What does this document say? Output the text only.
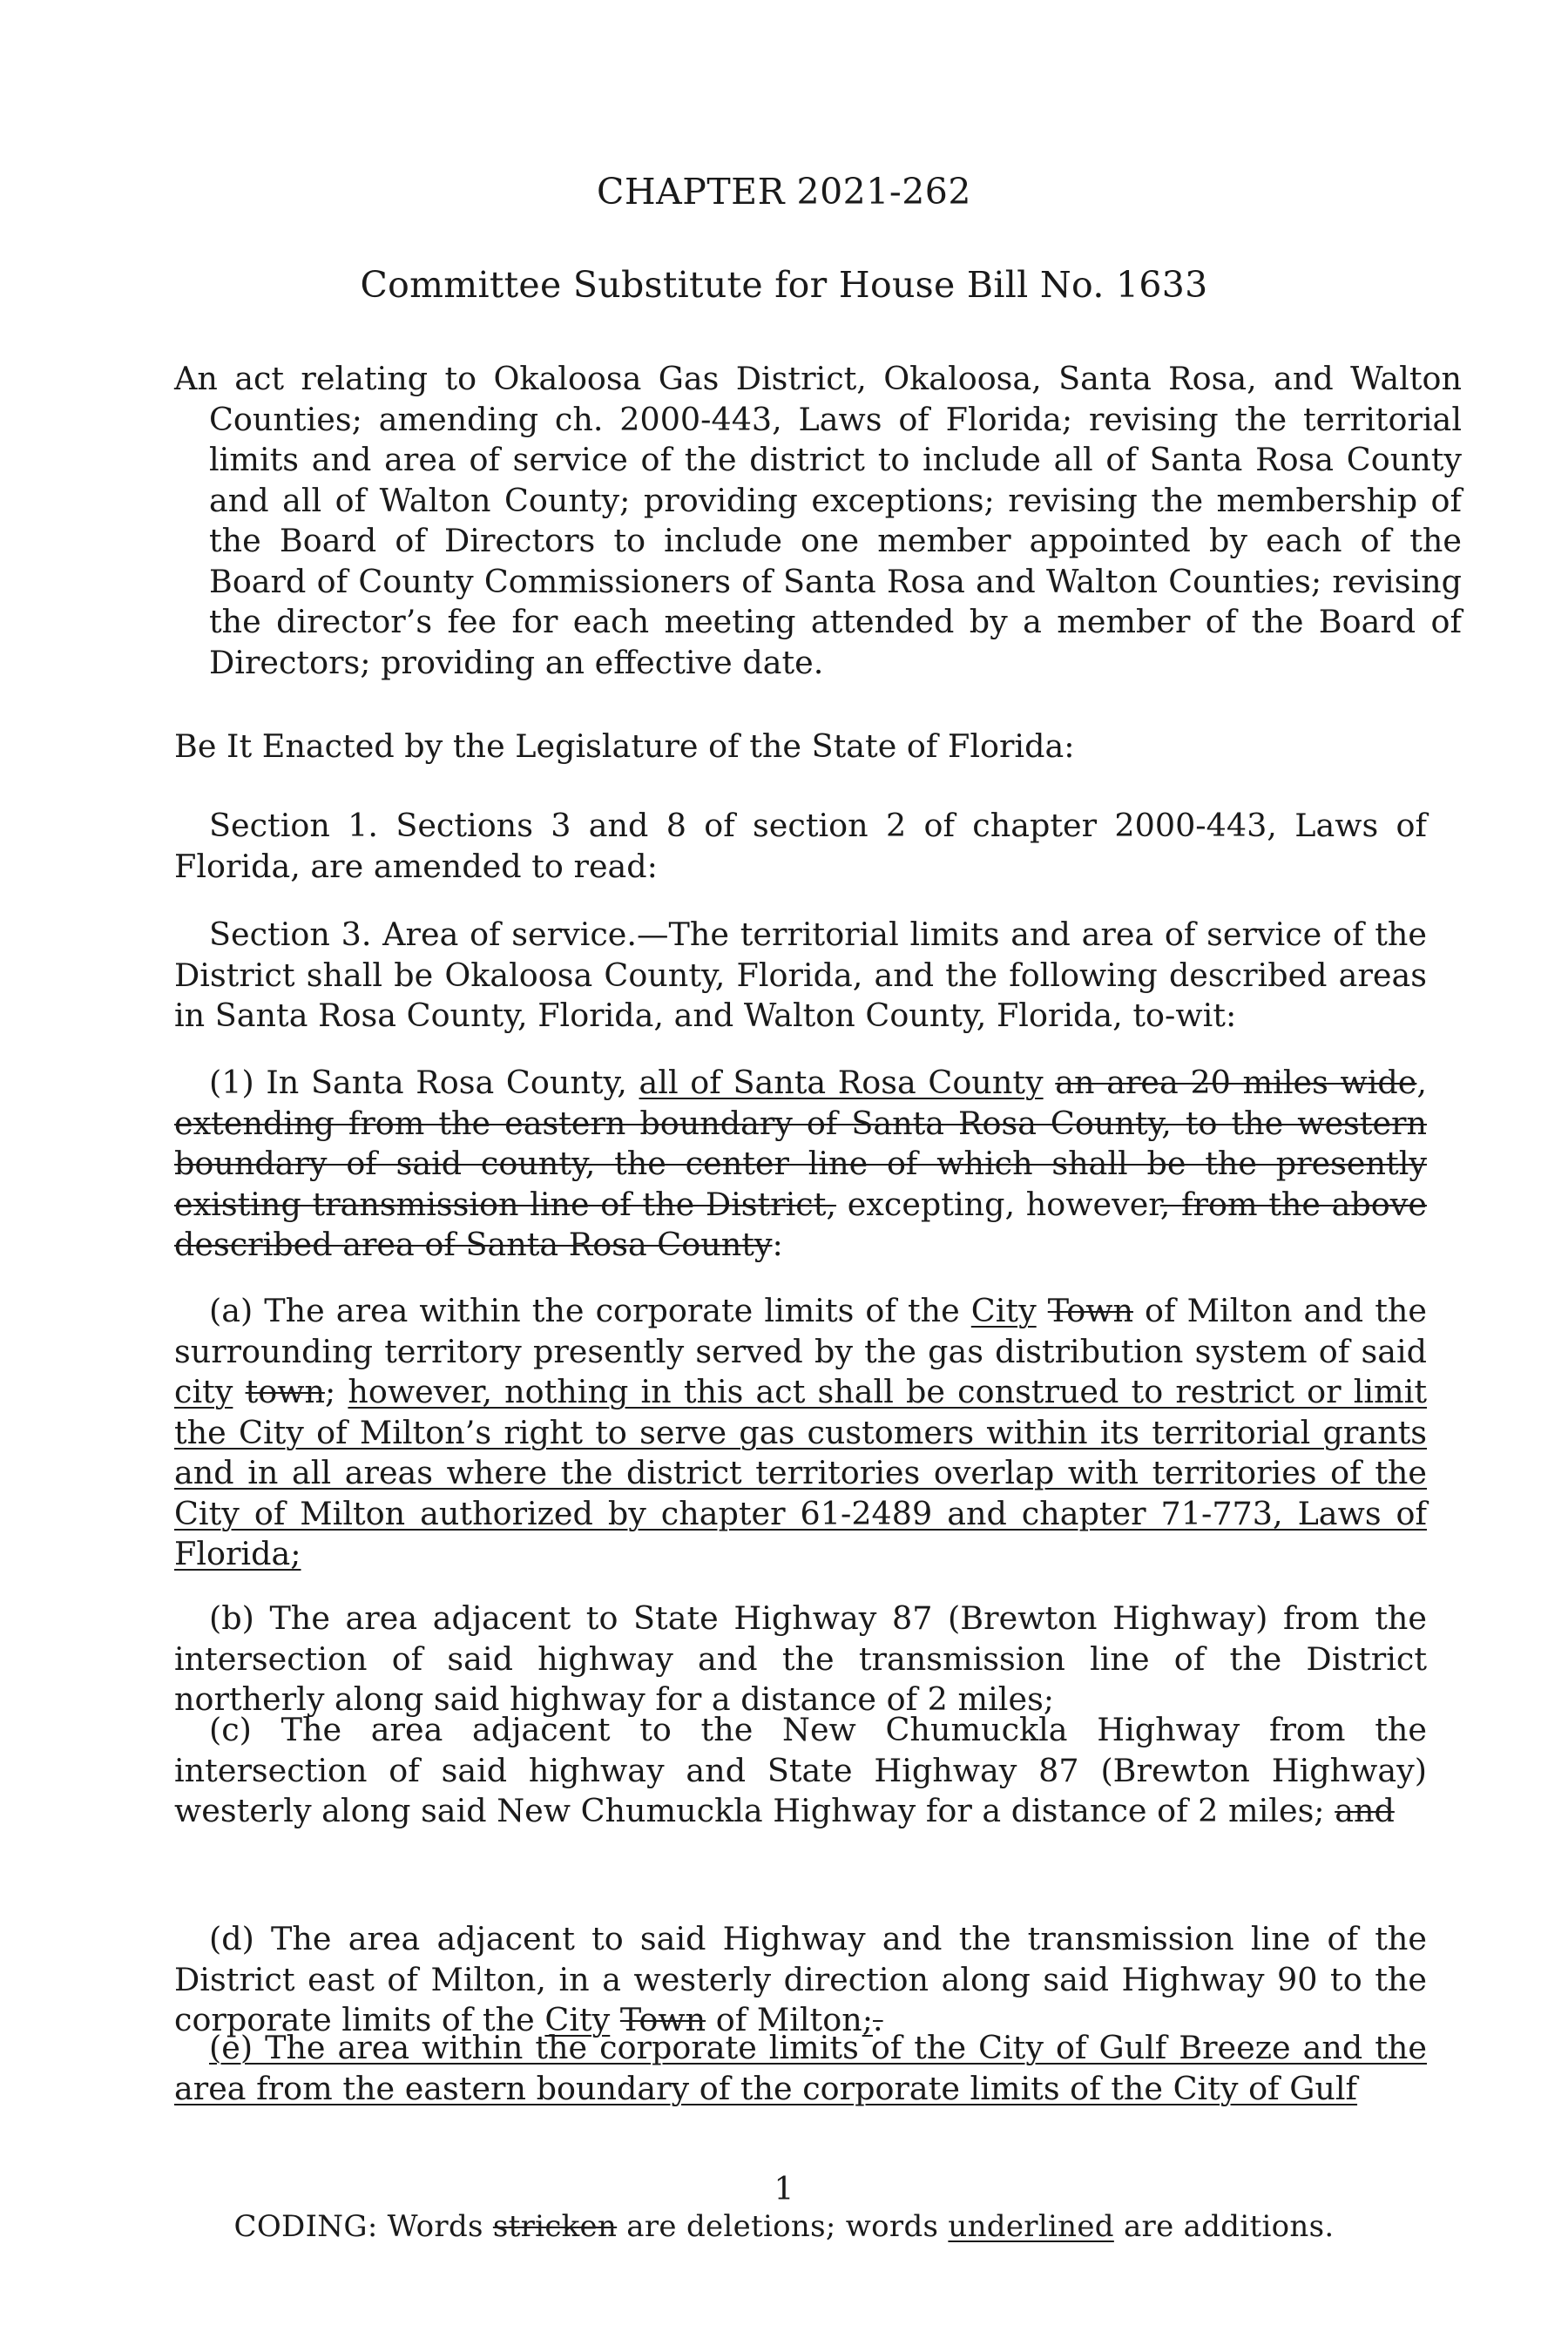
CHAPTER 2021-262
Committee Substitute for House Bill No. 1633
An act relating to Okaloosa Gas District, Okaloosa, Santa Rosa, and Walton Counties; amending ch. 2000-443, Laws of Florida; revising the territorial limits and area of service of the district to include all of Santa Rosa County and all of Walton County; providing exceptions; revising the membership of the Board of Directors to include one member appointed by each of the Board of County Commissioners of Santa Rosa and Walton Counties; revising the director’s fee for each meeting attended by a member of the Board of Directors; providing an effective date.
Be It Enacted by the Legislature of the State of Florida:
Section 1. Sections 3 and 8 of section 2 of chapter 2000-443, Laws of Florida, are amended to read:
Section 3. Area of service.—The territorial limits and area of service of the District shall be Okaloosa County, Florida, and the following described areas in Santa Rosa County, Florida, and Walton County, Florida, to-wit:
(1) In Santa Rosa County, all of Santa Rosa County an area 20 miles wide, extending from the eastern boundary of Santa Rosa County, to the western boundary of said county, the center line of which shall be the presently existing transmission line of the District, excepting, however, from the above described area of Santa Rosa County:
(a) The area within the corporate limits of the City Town of Milton and the surrounding territory presently served by the gas distribution system of said city town; however, nothing in this act shall be construed to restrict or limit the City of Milton’s right to serve gas customers within its territorial grants and in all areas where the district territories overlap with territories of the City of Milton authorized by chapter 61-2489 and chapter 71-773, Laws of Florida;
(b) The area adjacent to State Highway 87 (Brewton Highway) from the intersection of said highway and the transmission line of the District northerly along said highway for a distance of 2 miles;
(c) The area adjacent to the New Chumuckla Highway from the intersection of said highway and State Highway 87 (Brewton Highway) westerly along said New Chumuckla Highway for a distance of 2 miles; and
(d) The area adjacent to said Highway and the transmission line of the District east of Milton, in a westerly direction along said Highway 90 to the corporate limits of the City Town of Milton;.
(e) The area within the corporate limits of the City of Gulf Breeze and the area from the eastern boundary of the corporate limits of the City of Gulf
1
CODING: Words stricken are deletions; words underlined are additions.
